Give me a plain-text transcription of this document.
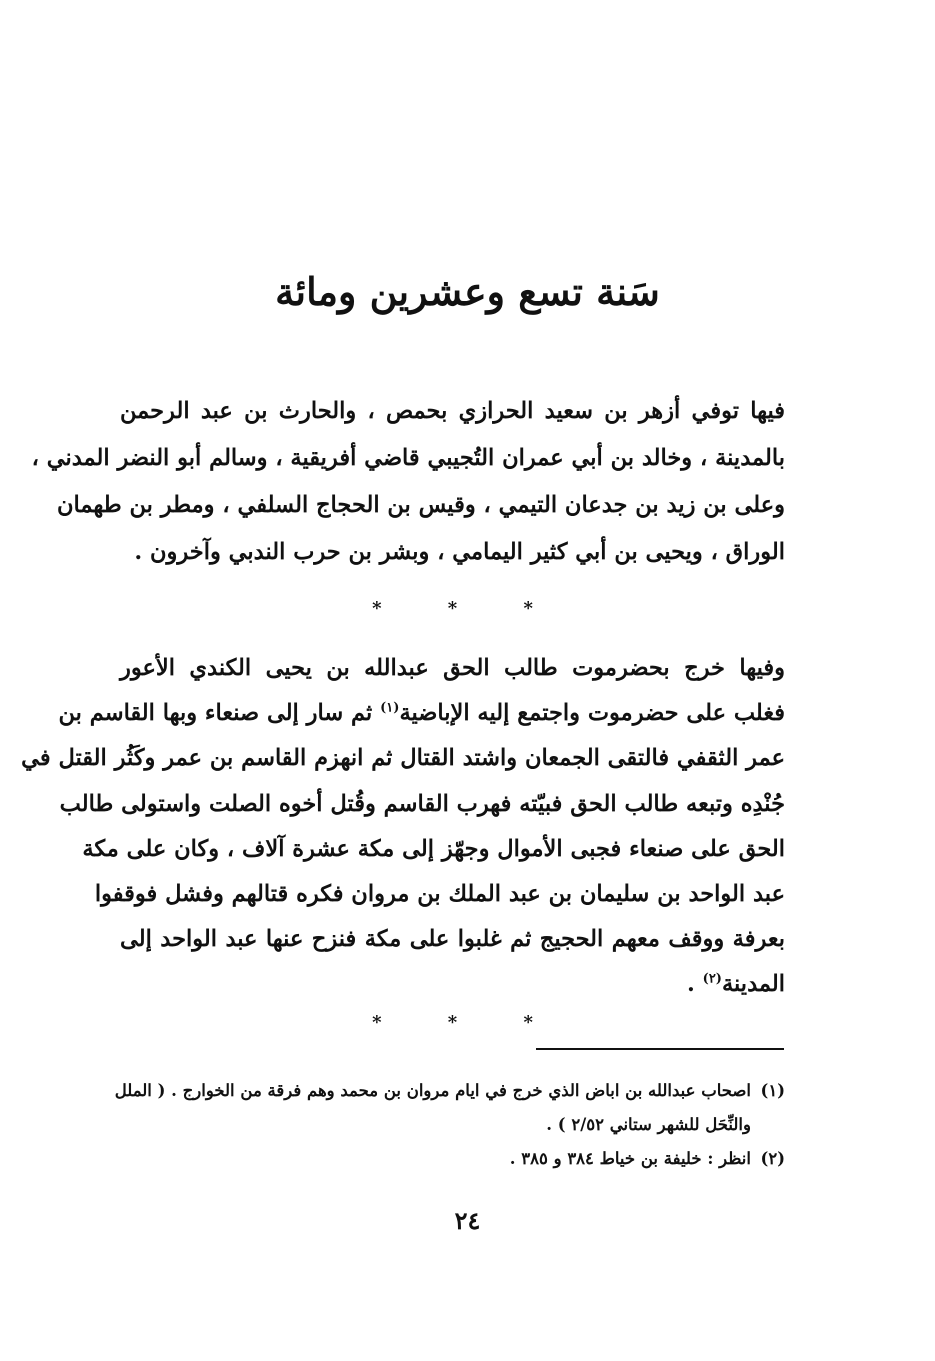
سَنة تسع وعشرين ومائة
فيها توفي أزهر بن سعيد الحرازي بحمص ، والحارث بن عبد الرحمن
بالمدينة ، وخالد بن أبي عمران التُجيبي قاضي أفريقية ، وسالم أبو النضر المدني ،
وعلى بن زيد بن جدعان التيمي ، وقيس بن الحجاج السلفي ، ومطر بن طهمان
الوراق ، ويحيى بن أبي كثير اليمامي ، وبشر بن حرب الندبي وآخرون .
* * *
وفيها خرج بحضرموت طالب الحق عبدالله بن يحيى الكندي الأعور
فغلب على حضرموت واجتمع إليه الإباضية$^{(١)}$ ثم سار إلى صنعاء وبها القاسم بن
عمر الثقفي فالتقى الجمعان واشتد القتال ثم انهزم القاسم بن عمر وكَثُر القتل في
جُنْدِه وتبعه طالب الحق فبيّته فهرب القاسم وقُتل أخوه الصلت واستولى طالب
الحق على صنعاء فجبى الأموال وجهّز إلى مكة عشرة آلاف ، وكان على مكة
عبد الواحد بن سليمان بن عبد الملك بن مروان فكره قتالهم وفشل فوقفوا
بعرفة ووقف معهم الحجيج ثم غلبوا على مكة فنزح عنها عبد الواحد إلى
المدينة$^{(٢)}$ .
* * *
(١)اصحاب عبدالله بن اباض الذي خرج في ايام مروان بن محمد وهم فرقة من الخوارج . ( الملل
والنِّحَل للشهر ستاني ٢/٥٢ ) .
(٢)انظر : خليفة بن خياط ٣٨٤ و ٣٨٥ .
٢٤
